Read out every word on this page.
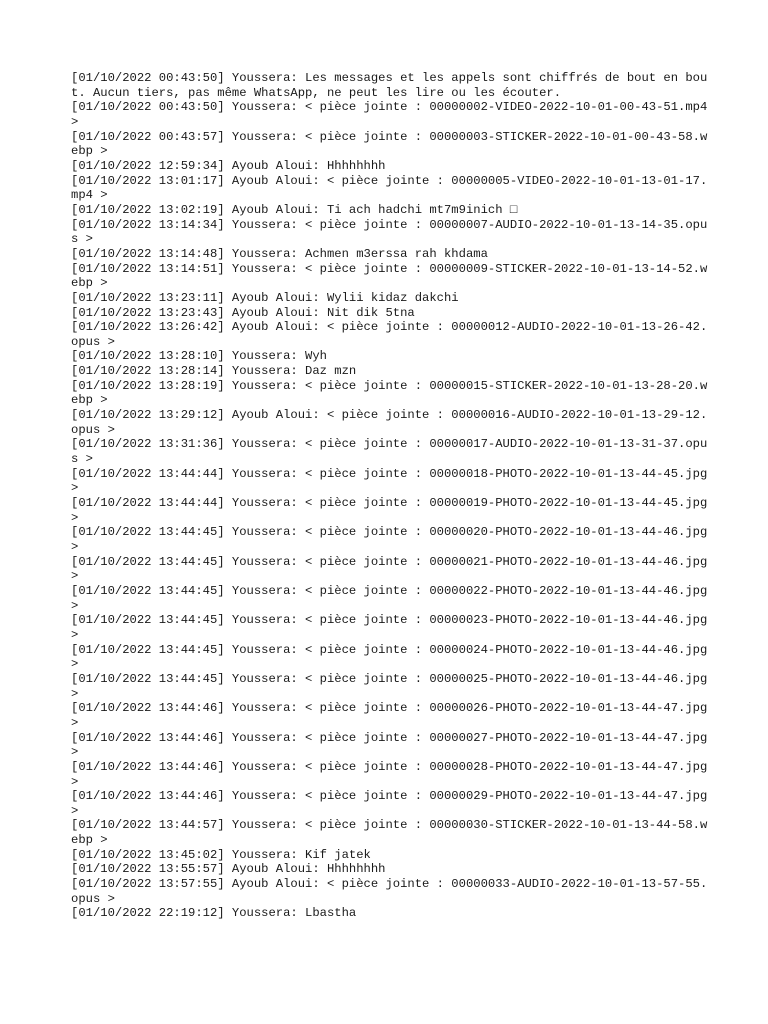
[01/10/2022 00:43:50] Youssera: Les messages et les appels sont chiffrés de bout en bout. Aucun tiers, pas même WhatsApp, ne peut les lire ou les écouter.

[01/10/2022 00:43:50] Youssera: < pièce jointe : 00000002-VIDEO-2022-10-01-00-43-51.mp4 >

[01/10/2022 00:43:57] Youssera: < pièce jointe : 00000003-STICKER-2022-10-01-00-43-58.webp >

[01/10/2022 12:59:34] Ayoub Aloui: Hhhhhhhh

[01/10/2022 13:01:17] Ayoub Aloui: < pièce jointe : 00000005-VIDEO-2022-10-01-13-01-17.mp4 >

[01/10/2022 13:02:19] Ayoub Aloui: Ti ach hadchi mt7m9inich □

[01/10/2022 13:14:34] Youssera: < pièce jointe : 00000007-AUDIO-2022-10-01-13-14-35.opus >

[01/10/2022 13:14:48] Youssera: Achmen m3erssa rah khdama

[01/10/2022 13:14:51] Youssera: < pièce jointe : 00000009-STICKER-2022-10-01-13-14-52.webp >

[01/10/2022 13:23:11] Ayoub Aloui: Wylii kidaz dakchi

[01/10/2022 13:23:43] Ayoub Aloui: Nit dik 5tna

[01/10/2022 13:26:42] Ayoub Aloui: < pièce jointe : 00000012-AUDIO-2022-10-01-13-26-42.opus >

[01/10/2022 13:28:10] Youssera: Wyh

[01/10/2022 13:28:14] Youssera: Daz mzn

[01/10/2022 13:28:19] Youssera: < pièce jointe : 00000015-STICKER-2022-10-01-13-28-20.webp >

[01/10/2022 13:29:12] Ayoub Aloui: < pièce jointe : 00000016-AUDIO-2022-10-01-13-29-12.opus >

[01/10/2022 13:31:36] Youssera: < pièce jointe : 00000017-AUDIO-2022-10-01-13-31-37.opus >

[01/10/2022 13:44:44] Youssera: < pièce jointe : 00000018-PHOTO-2022-10-01-13-44-45.jpg >

[01/10/2022 13:44:44] Youssera: < pièce jointe : 00000019-PHOTO-2022-10-01-13-44-45.jpg >

[01/10/2022 13:44:45] Youssera: < pièce jointe : 00000020-PHOTO-2022-10-01-13-44-46.jpg >

[01/10/2022 13:44:45] Youssera: < pièce jointe : 00000021-PHOTO-2022-10-01-13-44-46.jpg >

[01/10/2022 13:44:45] Youssera: < pièce jointe : 00000022-PHOTO-2022-10-01-13-44-46.jpg >

[01/10/2022 13:44:45] Youssera: < pièce jointe : 00000023-PHOTO-2022-10-01-13-44-46.jpg >

[01/10/2022 13:44:45] Youssera: < pièce jointe : 00000024-PHOTO-2022-10-01-13-44-46.jpg >

[01/10/2022 13:44:45] Youssera: < pièce jointe : 00000025-PHOTO-2022-10-01-13-44-46.jpg >

[01/10/2022 13:44:46] Youssera: < pièce jointe : 00000026-PHOTO-2022-10-01-13-44-47.jpg >

[01/10/2022 13:44:46] Youssera: < pièce jointe : 00000027-PHOTO-2022-10-01-13-44-47.jpg >

[01/10/2022 13:44:46] Youssera: < pièce jointe : 00000028-PHOTO-2022-10-01-13-44-47.jpg >

[01/10/2022 13:44:46] Youssera: < pièce jointe : 00000029-PHOTO-2022-10-01-13-44-47.jpg >

[01/10/2022 13:44:57] Youssera: < pièce jointe : 00000030-STICKER-2022-10-01-13-44-58.webp >

[01/10/2022 13:45:02] Youssera: Kif jatek

[01/10/2022 13:55:57] Ayoub Aloui: Hhhhhhhh

[01/10/2022 13:57:55] Ayoub Aloui: < pièce jointe : 00000033-AUDIO-2022-10-01-13-57-55.opus >

[01/10/2022 22:19:12] Youssera: Lbastha
